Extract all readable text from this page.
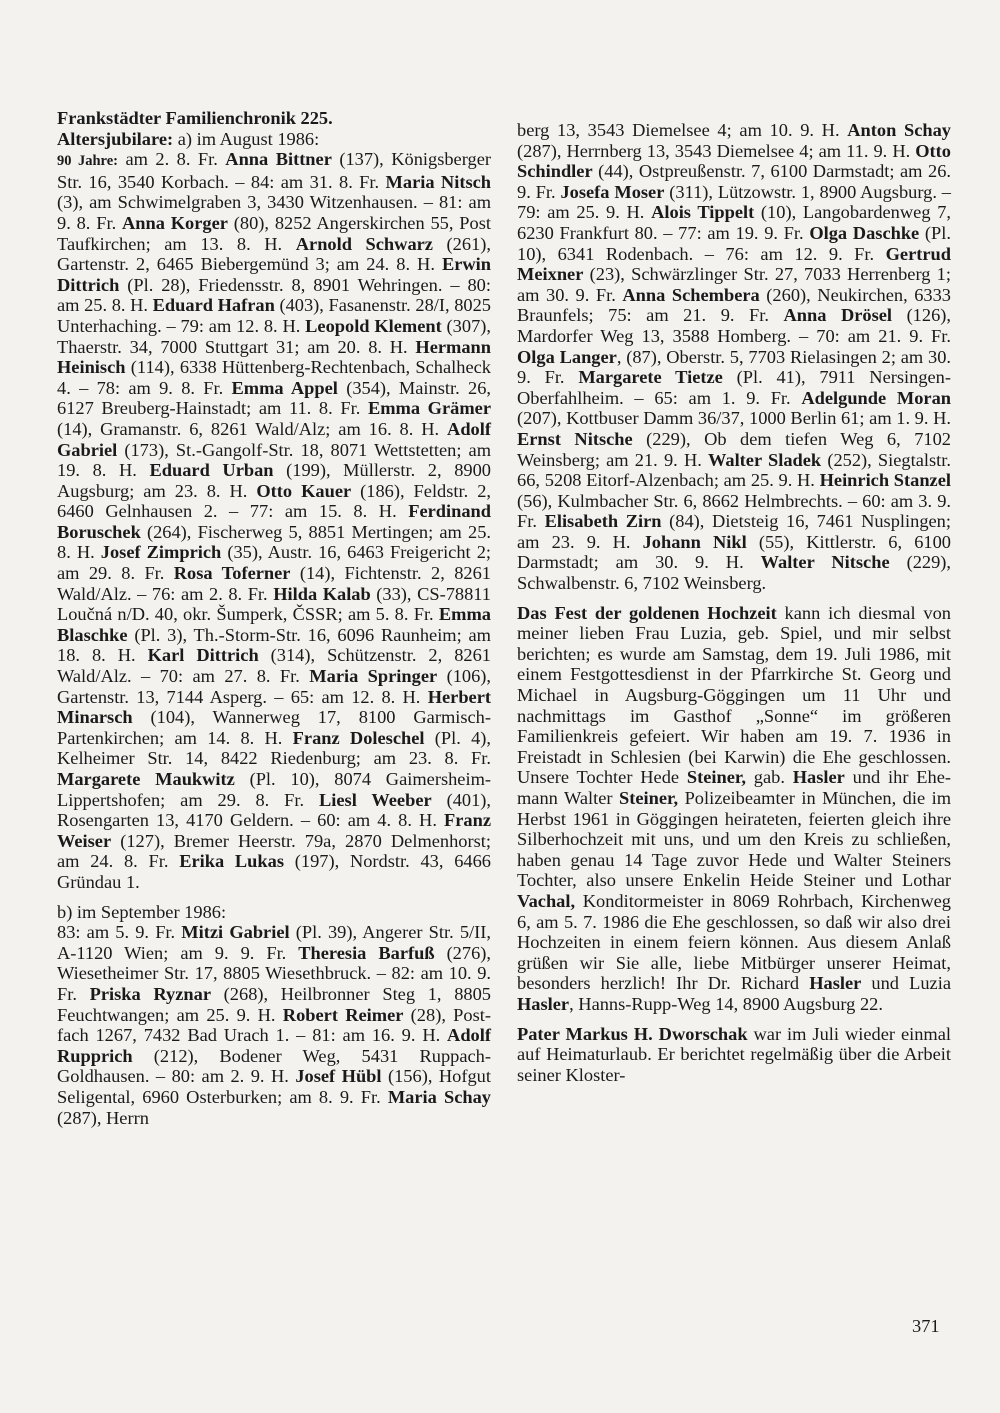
Frankstädter Familienchronik 225.
Altersjubilare: a) im August 1986:
90 Jahre: am 2. 8. Fr. Anna Bittner (137), Königsberger Str. 16, 3540 Korbach. – 84: am 31. 8. Fr. Maria Nitsch (3), am Schwimelgraben 3, 3430 Witzenhausen. – 81: am 9. 8. Fr. Anna Korger (80), 8252 Angerskirchen 55, Post Taufkirchen; am 13. 8. H. Arnold Schwarz (261), Gartenstr. 2, 6465 Biebergemünd 3; am 24. 8. H. Erwin Dittrich (Pl. 28), Friedensstr. 8, 8901 Wehringen. – 80: am 25. 8. H. Eduard Hafran (403), Fasanenstr. 28/I, 8025 Unterhaching. – 79: am 12. 8. H. Leopold Klement (307), Thaerstr. 34, 7000 Stuttgart 31; am 20. 8. H. Hermann Heinisch (114), 6338 Hüttenberg-Rechtenbach, Schalheck 4. – 78: am 9. 8. Fr. Emma Appel (354), Mainstr. 26, 6127 Breuberg-Hainstadt; am 11. 8. Fr. Emma Grämer (14), Gramanstr. 6, 8261 Wald/Alz; am 16. 8. H. Adolf Gabriel (173), St.-Gangolf-Str. 18, 8071 Wettstetten; am 19. 8. H. Eduard Urban (199), Müllerstr. 2, 8900 Augsburg; am 23. 8. H. Otto Kauer (186), Feldstr. 2, 6460 Gelnhausen 2. – 77: am 15. 8. H. Ferdinand Boruschek (264), Fischerweg 5, 8851 Mertingen; am 25. 8. H. Josef Zimprich (35), Austr. 16, 6463 Freigericht 2; am 29. 8. Fr. Rosa Toferner (14), Fichtenstr. 2, 8261 Wald/Alz. – 76: am 2. 8. Fr. Hilda Kalab (33), CS-78811 Loučná n/D. 40, okr. Šumperk, ČSSR; am 5. 8. Fr. Emma Blaschke (Pl. 3), Th.-Storm-Str. 16, 6096 Raunheim; am 18. 8. H. Karl Dittrich (314), Schützenstr. 2, 8261 Wald/Alz. – 70: am 27. 8. Fr. Maria Springer (106), Gartenstr. 13, 7144 Asperg. – 65: am 12. 8. H. Herbert Minarsch (104), Wannerweg 17, 8100 Garmisch-Partenkirchen; am 14. 8. H. Franz Doleschel (Pl. 4), Kelheimer Str. 14, 8422 Riedenburg; am 23. 8. Fr. Margarete Maukwitz (Pl. 10), 8074 Gaimersheim-Lippertshofen; am 29. 8. Fr. Liesl Weeber (401), Rosengarten 13, 4170 Geldern. – 60: am 4. 8. H. Franz Weiser (127), Bremer Heerstr. 79a, 2870 Delmenhorst; am 24. 8. Fr. Erika Lukas (197), Nordstr. 43, 6466 Gründau 1.
b) im September 1986:
83: am 5. 9. Fr. Mitzi Gabriel (Pl. 39), Angerer Str. 5/II, A-1120 Wien; am 9. 9. Fr. Theresia Barfuß (276), Wiesetheimer Str. 17, 8805 Wiesethbruck. – 82: am 10. 9. Fr. Priska Ryznar (268), Heilbronner Steg 1, 8805 Feuchtwangen; am 25. 9. H. Robert Reimer (28), Postfach 1267, 7432 Bad Urach 1. – 81: am 16. 9. H. Adolf Rupprich (212), Bodener Weg, 5431 Ruppach-Goldhausen. – 80: am 2. 9. H. Josef Hübl (156), Hofgut Seligental, 6960 Osterburken; am 8. 9. Fr. Maria Schay (287), Herrn
berg 13, 3543 Diemelsee 4; am 10. 9. H. Anton Schay (287), Herrnberg 13, 3543 Diemelsee 4; am 11. 9. H. Otto Schindler (44), Ostpreußenstr. 7, 6100 Darmstadt; am 26. 9. Fr. Josefa Moser (311), Lützowstr. 1, 8900 Augsburg. – 79: am 25. 9. H. Alois Tippelt (10), Langobardenweg 7, 6230 Frankfurt 80. – 77: am 19. 9. Fr. Olga Daschke (Pl. 10), 6341 Rodenbach. – 76: am 12. 9. Fr. Gertrud Meixner (23), Schwärzlinger Str. 27, 7033 Herrenberg 1; am 30. 9. Fr. Anna Schembera (260), Neukirchen, 6333 Braunfels; 75: am 21. 9. Fr. Anna Drösel (126), Mardorfer Weg 13, 3588 Homberg. – 70: am 21. 9. Fr. Olga Langer, (87), Oberstr. 5, 7703 Rielasingen 2; am 30. 9. Fr. Margarete Tietze (Pl. 41), 7911 Nersingen-Oberfahlheim. – 65: am 1. 9. Fr. Adelgunde Moran (207), Kottbuser Damm 36/37, 1000 Berlin 61; am 1. 9. H. Ernst Nitsche (229), Ob dem tiefen Weg 6, 7102 Weinsberg; am 21. 9. H. Walter Sladek (252), Siegtalstr. 66, 5208 Eitorf-Alzenbach; am 25. 9. H. Heinrich Stanzel (56), Kulmbacher Str. 6, 8662 Helmbrechts. – 60: am 3. 9. Fr. Elisabeth Zirn (84), Dietsteig 16, 7461 Nusplingen; am 23. 9. H. Johann Nikl (55), Kittlerstr. 6, 6100 Darmstadt; am 30. 9. H. Walter Nitsche (229), Schwalbenstr. 6, 7102 Weinsberg.
Das Fest der goldenen Hochzeit kann ich diesmal von meiner lieben Frau Luzia, geb. Spiel, und mir selbst berichten; es wurde am Samstag, dem 19. Juli 1986, mit einem Festgottesdienst in der Pfarrkirche St. Georg und Michael in Augsburg-Göggingen um 11 Uhr und nachmittags im Gasthof „Sonne“ im größeren Familienkreis gefeiert. Wir haben am 19. 7. 1936 in Freistadt in Schlesien (bei Karwin) die Ehe geschlossen. Unsere Tochter Hede Steiner, gab. Hasler und ihr Ehemann Walter Steiner, Polizeibeamter in München, die im Herbst 1961 in Göggingen heirateten, feierten gleich ihre Silberhochzeit mit uns, und um den Kreis zu schließen, haben genau 14 Tage zuvor Hede und Walter Steiners Tochter, also unsere Enkelin Heide Steiner und Lothar Vachal, Konditormeister in 8069 Rohrbach, Kirchenweg 6, am 5. 7. 1986 die Ehe geschlossen, so daß wir also drei Hochzeiten in einem feiern können. Aus diesem Anlaß grüßen wir Sie alle, liebe Mitbürger unserer Heimat, besonders herzlich! Ihr Dr. Richard Hasler und Luzia Hasler, Hanns-Rupp-Weg 14, 8900 Augsburg 22.
Pater Markus H. Dworschak war im Juli wieder einmal auf Heimaturlaub. Er berichtet regelmäßig über die Arbeit seiner Kloster-
371
